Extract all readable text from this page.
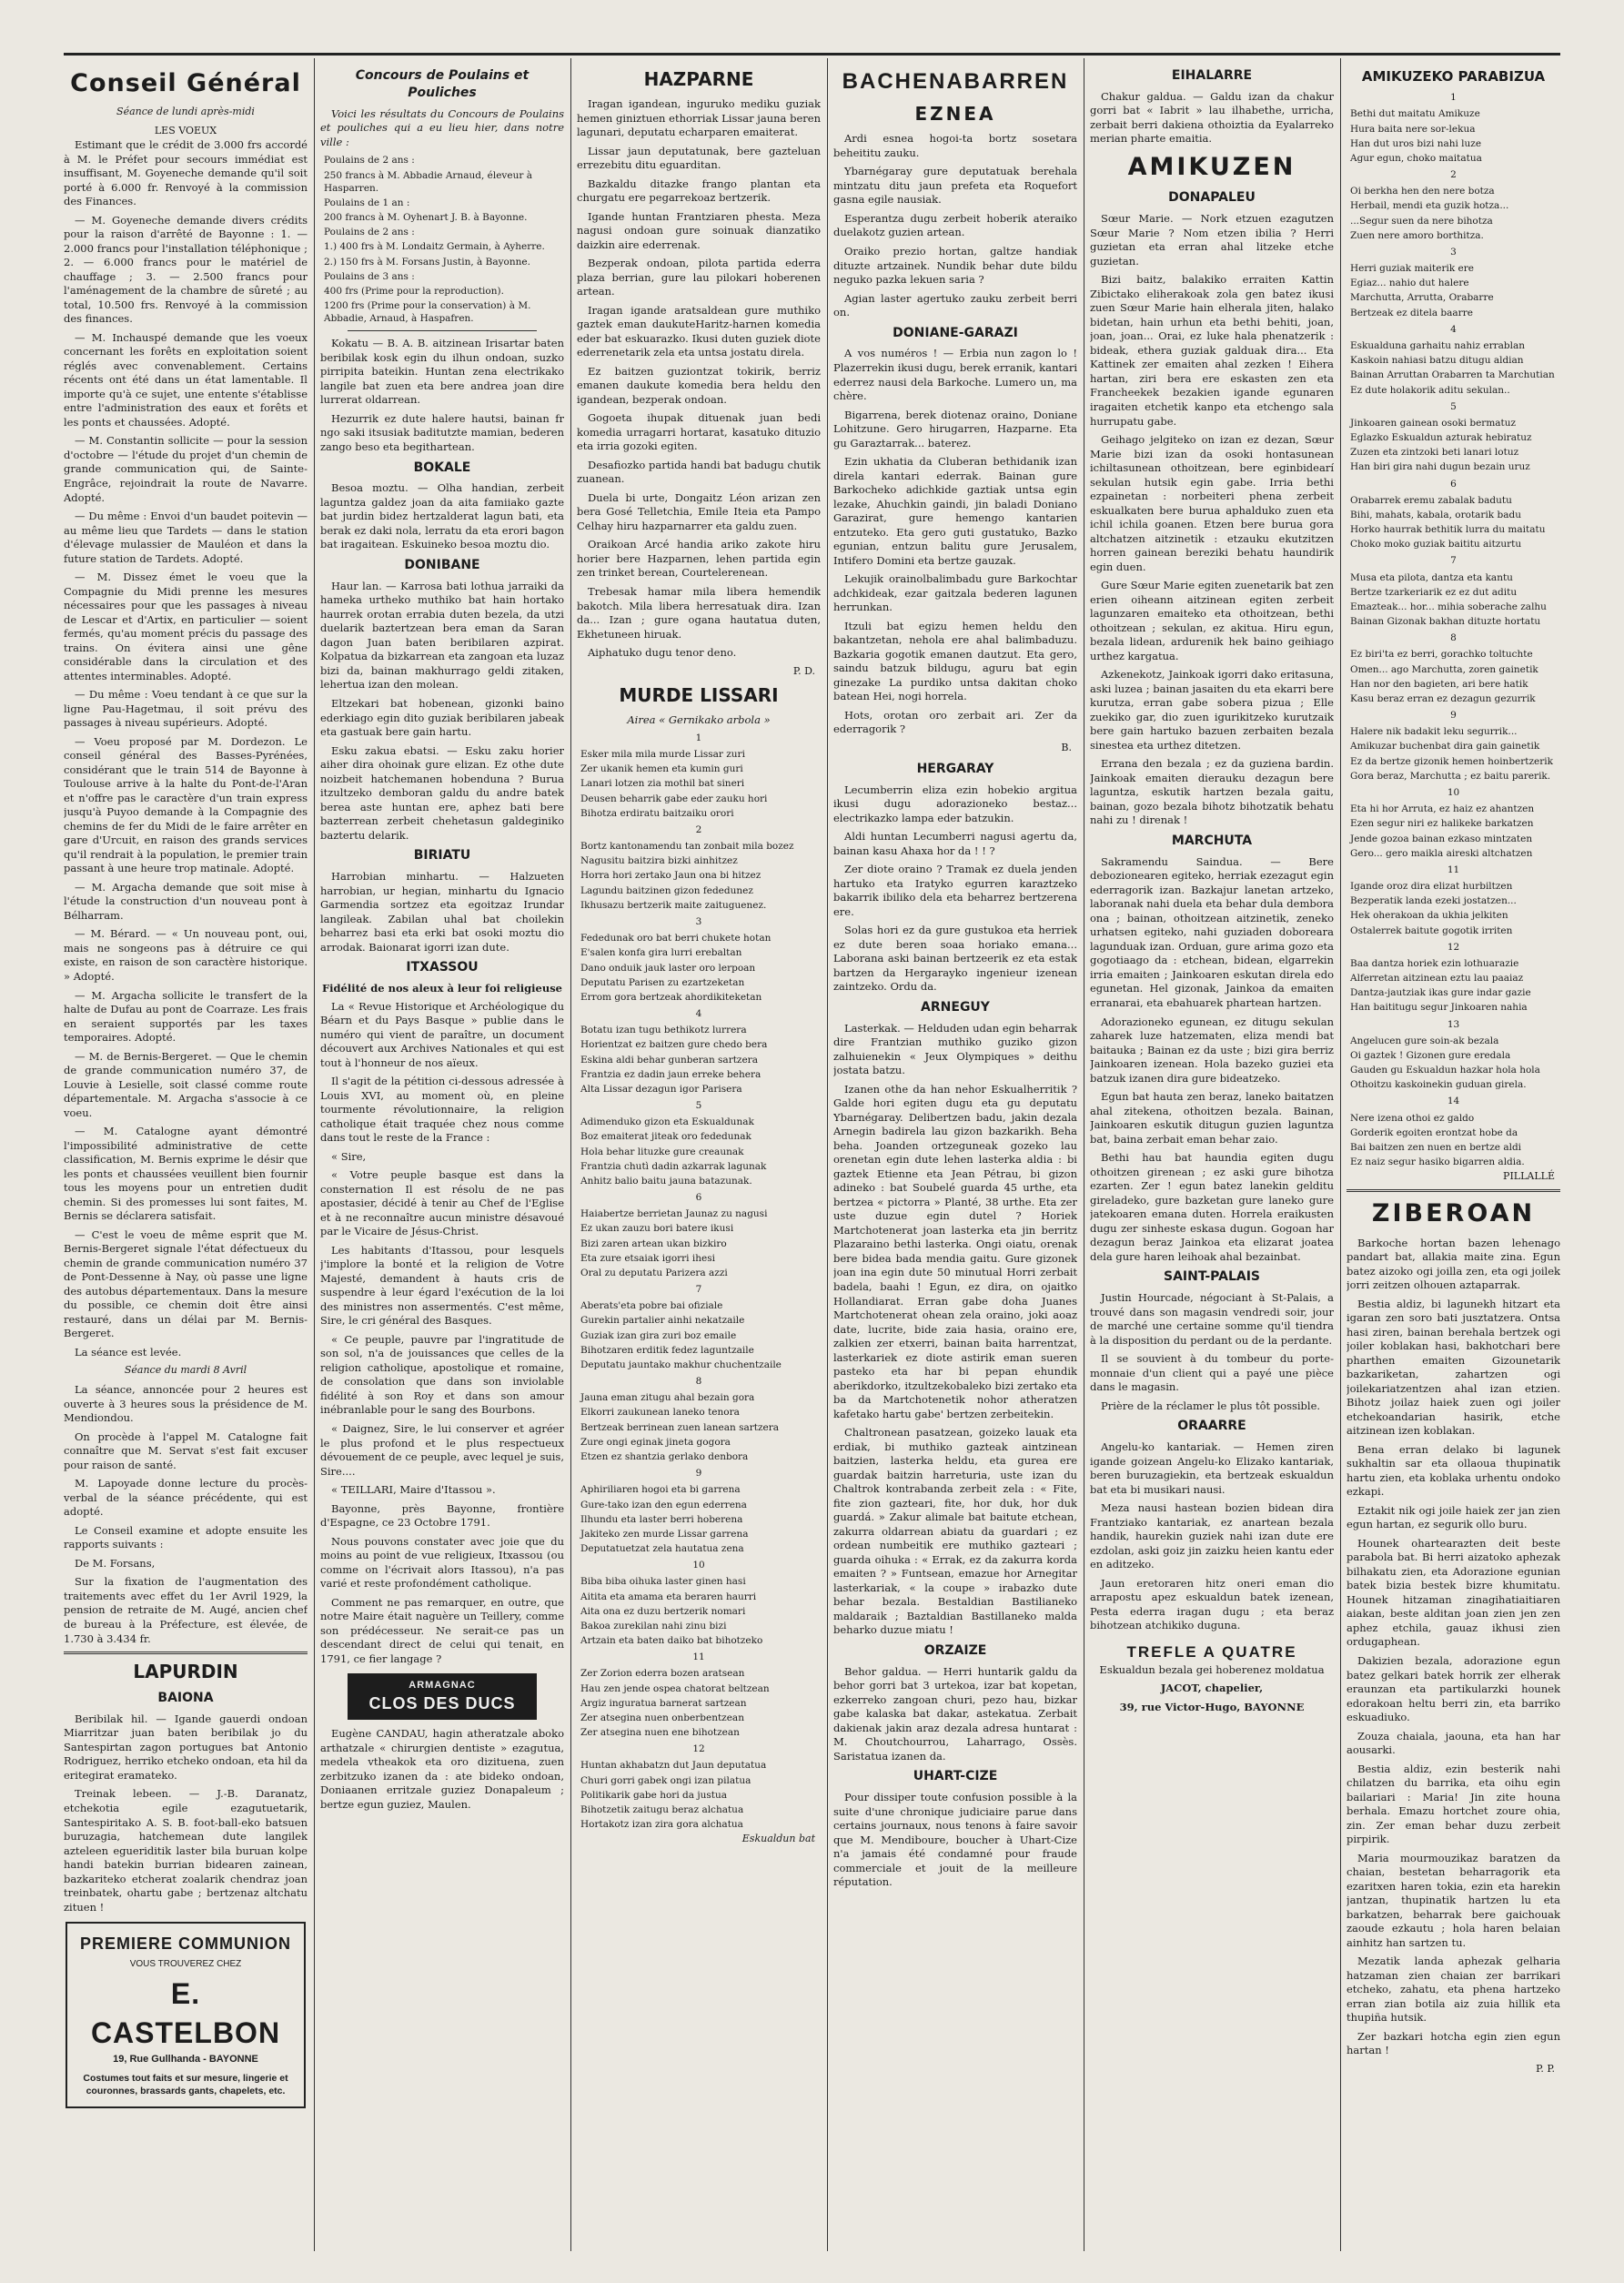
Conseil Général
Séance de lundi après-midi
LES VOEUX

Estimant que le crédit de 3.000 frs accordé à M. le Préfet pour secours immédiat est insuffisant, M. Goyeneche demande qu'il soit porté à 6.000 fr. Renvoyé à la commission des Finances.

— M. Goyeneche demande divers crédits pour la raison d'arrêté de Bayonne : 1. — 2.000 francs pour l'installation téléphonique ; 2. — 6.000 francs pour le matériel de chauffage ; 3. — 2.500 francs pour l'aménagement de la chambre de sûreté ; au total, 10.500 frs. Renvoyé à la commission des finances.

— M. Inchauspé demande que les voeux concernant les forêts en exploitation soient réglés avec convenablement. Certains récents ont été dans un état lamentable. Il importe qu'à ce sujet, une entente s'établisse entre l'administration des eaux et forêts et les ponts et chaussées. Adopté.

— M. Constantin sollicite — pour la session d'octobre — l'étude du projet d'un chemin de grande communication qui, de Sainte-Engrâce, rejoindrait la route de Navarre. Adopté.

— Du même : Envoi d'un baudet poitevin — au même lieu que Tardets — dans le station d'élevage mulassier de Mauléon et dans la future station de Tardets. Adopté.

— M. Dissez émet le voeu que la Compagnie du Midi prenne les mesures nécessaires pour que les passages à niveau de Lescar et d'Artix, en particulier — soient fermés, qu'au moment précis du passage des trains. On évitera ainsi une gêne considérable dans la circulation et des attentes interminables. Adopté.

— Du même : Voeu tendant à ce que sur la ligne Pau-Hagetmau, il soit prévu des passages à niveau supérieurs. Adopté.

— Voeu proposé par M. Dordezon. Le conseil général des Basses-Pyrénées, considérant que le train 514 de Bayonne à Toulouse arrive à la halte du Pont-de-l'Aran et n'offre pas le caractère d'un train express jusqu'à Puyoo demande à la Compagnie des chemins de fer du Midi de le faire arrêter en gare d'Urcuit, en raison des grands services qu'il rendrait à la population, le premier train passant à une heure trop matinale. Adopté.

— M. Argacha demande que soit mise à l'étude la construction d'un nouveau pont à Bélharram.

— M. Bérard. — « Un nouveau pont, oui, mais ne songeons pas à détruire ce qui existe, en raison de son caractère historique. » Adopté.

— M. Argacha sollicite le transfert de la halte de Dufau au pont de Coarraze. Les frais en seraient supportés par les taxes temporaires. Adopté.

— M. de Bernis-Bergeret. — Que le chemin de grande communication numéro 37, de Louvie à Lesielle, soit classé comme route départementale. M. Argacha s'associe à ce voeu.

— M. Catalogne ayant démontré l'impossibilité administrative de cette classification, M. Bernis exprime le désir que les ponts et chaussées veuillent bien fournir tous les moyens pour un entretien dudit chemin. Si des promesses lui sont faites, M. Bernis se déclarera satisfait.

— C'est le voeu de même esprit que M. Bernis-Bergeret signale l'état défectueux du chemin de grande communication numéro 37 de Pont-Dessenne à Nay, où passe une ligne des autobus départementaux. Dans la mesure du possible, ce chemin doit être ainsi restauré, dans un délai par M. Bernis-Bergeret.

La séance est levée.

Séance du mardi 8 Avril

La séance, annoncée pour 2 heures est ouverte à 3 heures sous la présidence de M. Mendiondou.

On procède à l'appel M. Catalogne fait connaître que M. Servat s'est fait excuser pour raison de santé.

M. Lapoyade donne lecture du procès-verbal de la séance précédente, qui est adopté.

Le Conseil examine et adopte ensuite les rapports suivants :

De M. Forsans,

Sur la fixation de l'augmentation des traitements avec effet du 1er Avril 1929, la pension de retraite de M. Augé, ancien chef de bureau à la Préfecture, est élevée, de 1.730 à 3.434 fr.

LAPURDIN
BAIONA

Beribilak hil. — Igande gauerdi ondoan Miarritzar juan baten beribilak jo du Santespirtan zagon portugues bat Antonio Rodriguez, herriko etcheko ondoan, eta hil da eritegirat eramateko.

Treinak lebeen. — J.-B. Daranatz, etchekotia egile ezagutuetarik, Santespiritako A. S. B. foot-ball-eko batsuen buruzagia, hatchemean dute langilek azteleen egueriditik laster bila buruan kolpe handi batekin burrian bidearen zainean, bazkariteko etcherat zoalarik chendraz joan treinbatek, ohartu gabe ; bertzenaz altchatu zituen !

PREMIERE COMMUNION
VOUS TROUVEREZ CHEZ
E. CASTELBON
19, Rue Gullhanda - BAYONNE
Costumes tout faits et sur mesure, lingerie et couronnes, brassards gants, chapelets, etc.
Concours de Poulains et Pouliches

Voici les résultats du Concours de Poulains et pouliches qui a eu lieu hier, dans notre ville :

Poulains de 2 ans :

250 francs à M. Abbadie Arnaud, éleveur à Hasparren.

Poulains de 1 an :

200 francs à M. Oyhenart J. B. à Bayonne.

Poulains de 2 ans :

1.) 400 frs à M. Londaitz Germain, à Ayherre.

2.) 150 frs à M. Forsans Justin, à Bayonne.

Poulains de 3 ans :

400 frs (Prime pour la reproduction).

1200 frs (Prime pour la conservation) à M. Abbadie, Arnaud, à Haspafren.

Kokatu — B. A. B. aitzinean Irisartar baten beribilak kosk egin du ilhun ondoan, suzko pirripita bateikin. Huntan zena electrikako langile bat zuen eta bere andrea joan dire lurrerat oldarrean.

Hezurrik ez dute halere hautsi, bainan fr ngo saki itsusiak baditutzte mamian, bederen zango beso eta begithartean.

BOKALE

Besoa moztu. — Olha handian, zerbeit laguntza galdez joan da aita famiiako gazte bat jurdin bidez hertzalderat lagun bati, eta berak ez daki nola, lerratu da eta erori bagon bat iragaitean. Eskuineko besoa moztu dio.

DONIBANE

Haur lan. — Karrosa bati lothua jarraiki da hameka urtheko muthiko bat hain hortako haurrek orotan errabia duten bezela, da utzi duelarik baztertzean bera eman da Saran dagon Juan baten beribilaren azpirat. Kolpatua da bizkarrean eta zangoan eta luzaz bizi da, bainan makhurrago geldi zitaken, lehertua izan den molean.

Eltzekari bat hobenean, gizonki baino ederkiago egin dito guziak beribilaren jabeak eta gastuak bere gain hartu.

Esku zakua ebatsi. — Esku zaku horier aiher dira ohoinak gure elizan. Ez othe dute noizbeit hatchemanen hobenduna ? Burua itzultzeko demboran galdu du andre batek berea aste huntan ere, aphez bati bere bazterrean zerbeit chehetasun galdeginiko baztertu delarik.

BIRIATU

Harrobian minhartu. — Halzueten harrobian, ur hegian, minhartu du Ignacio Garmendia sortzez eta egoitzaz Irundar langileak. Zabilan uhal bat choilekin beharrez basi eta erki bat osoki moztu dio arrodak. Baionarat igorri izan dute.

ITXASSOU
Fidélité de nos aleux à leur foi religieuse

La « Revue Historique et Archéologique du Béarn et du Pays Basque » publie dans le numéro qui vient de paraître, un document découvert aux Archives Nationales et qui est tout à l'honneur de nos aïeux.

Il s'agit de la pétition ci-dessous adressée à Louis XVI, au moment où, en pleine tourmente révolutionnaire, la religion catholique était traquée chez nous comme dans tout le reste de la France :

« Sire,

« Votre peuple basque est dans la consternation Il est résolu de ne pas apostasier, décidé à tenir au Chef de l'Eglise et à ne reconnaître aucun ministre désavoué par le Vicaire de Jésus-Christ.

Les habitants d'Itassou, pour lesquels j'implore la bonté et la religion de Votre Majesté, demandent à hauts cris de suspendre à leur égard l'exécution de la loi des ministres non assermentés. C'est même, Sire, le cri général des Basques.

« Ce peuple, pauvre par l'ingratitude de son sol, n'a de jouissances que celles de la religion catholique, apostolique et romaine, de consolation que dans son inviolable fidélité à son Roy et dans son amour inébranlable pour le sang des Bourbons.

« Daignez, Sire, le lui conserver et agréer le plus profond et le plus respectueux dévouement de ce peuple, avec lequel je suis, Sire....

« TEILLARI, Maire d'Itassou ».

Bayonne, près Bayonne, frontière d'Espagne, ce 23 Octobre 1791.

Nous pouvons constater avec joie que du moins au point de vue religieux, Itxassou (ou comme on l'écrivait alors Itassou), n'a pas varié et reste profondément catholique.

Comment ne pas remarquer, en outre, que notre Maire était naguère un Teillery, comme son prédécesseur. Ne serait-ce pas un descendant direct de celui qui tenait, en 1791, ce fier langage ?

ARMAGNAC
CLOS DES DUCS

Eugène CANDAU, hagin atheratzale aboko arthatzale « chirurgien dentiste » ezagutua, medela vtheakok eta oro dizituena, zuen zerbitzuko izanen da : ate bideko ondoan, Doniaanen erritzale guziez Donapaleum ; bertze egun guziez, Maulen.

HAZPARNE

Iragan igandean, inguruko mediku guziak hemen giniztuen ethorriak Lissar jauna beren lagunari, deputatu echarparen emaiterat.

Lissar jaun deputatunak, bere gazteluan errezebitu ditu eguarditan.

Bazkaldu ditazke frango plantan eta churgatu ere pegarrekoaz bertzerik.

Igande huntan Frantziaren phesta. Meza nagusi ondoan gure soinuak dianzatiko daizkin aire ederrenak.

Bezperak ondoan, pilota partida ederra plaza berrian, gure lau pilokari hoberenen artean.

Iragan igande aratsaldean gure muthiko gaztek eman daukuteHaritz-harnen komedia eder bat eskuarazko. Ikusi duten guziek diote ederrenetarik zela eta untsa jostatu direla.

Ez baitzen guziontzat tokirik, berriz emanen daukute komedia bera heldu den igandean, bezperak ondoan.

Gogoeta ihupak dituenak juan bedi komedia urragarri hortarat, kasatuko dituzio eta irria gozoki egiten.

Desafiozko partida handi bat badugu chutik zuanean.

Duela bi urte, Dongaitz Léon arizan zen bera Gosé Telletchia, Emile Iteia eta Pampo Celhay hiru hazparnarrer eta galdu zuen.

Oraikoan Arcé handia ariko zakote hiru horier bere Hazparnen, lehen partida egin zen trinket berean, Courtelerenean.

Trebesak hamar mila libera hemendik bakotch. Mila libera herresatuak dira. Izan da... Izan ; gure ogana hautatua duten, Ekhetuneen hiruak.

Aiphatuko dugu tenor deno.

P. D.
MURDE LISSARI
Airea « Gernikako arbola »
1

Esker mila mila murde Lissar zuri

Zer ukanik hemen eta kumin guri

Lanari lotzen zia mothil bat sineri

Deusen beharrik gabe eder zauku hori

Bihotza erdiratu baitzaiku orori

2

Bortz kantonamendu tan zonbait mila bozez

Nagusitu baitzira bizki ainhitzez

Horra hori zertako Jaun ona bi hitzez

Lagundu baitzinen gizon fededunez

Ikhusazu bertzerik maite zaituguenez.

3

Fededunak oro bat berri chukete hotan

E'salen konfa gira lurri erebaltan

Dano onduik jauk laster oro lerpoan

Deputatu Parisen zu ezartzeketan

Errom gora bertzeak ahordikiteketan

4

Botatu izan tugu bethikotz lurrera

Horientzat ez baitzen gure chedo bera

Eskina aldi behar gunberan sartzera

Frantzia ez dadin jaun erreke behera

Alta Lissar dezagun igor Parisera

5

Adimenduko gizon eta Eskualdunak

Boz emaiterat jiteak oro fededunak

Hola behar lituzke gure creaunak

Frantzia chutì dadin azkarrak lagunak

Anhitz balio baitu jauna batazunak.

6

Haiabertze berrietan Jaunaz zu nagusi

Ez ukan zauzu bori batere ikusi

Bizi zaren artean ukan bizkiro

Eta zure etsaiak igorri ihesi

Oral zu deputatu Parizera azzi

7

Aberats'eta pobre bai ofiziale

Gurekin partalier ainhi nekatzaile

Guziak izan gira zuri boz emaile

Bihotzaren erditik fedez laguntzaile

Deputatu jauntako makhur chuchentzaile

8

Jauna eman zitugu ahal bezain gora

Elkorri zaukunean laneko tenora

Bertzeak berrinean zuen lanean sartzera

Zure ongi eginak jineta gogora

Etzen ez shantzia gerlako denbora

9

Aphiriliaren hogoi eta bi garrena

Gure-tako izan den egun ederrena

Ilhundu eta laster berri hoberena

Jakiteko zen murde Lissar garrena

Deputatuetzat zela hautatua zena

10

Biba biba oihuka laster ginen hasi

Aitita eta amama eta beraren haurri

Aita ona ez duzu bertzerik nomari

Bakoa zurekilan nahi zinu bizi

Artzain eta baten daiko bat bihotzeko

11

Zer Zorion ederra bozen aratsean

Hau zen jende ospea chatorat beltzean

Argiz inguratua barnerat sartzean

Zer atsegina nuen onberbentzean

Zer atsegina nuen ene bihotzean

12

Huntan akhabatzn dut Jaun deputatua

Churi gorri gabek ongi izan pilatua

Politikarik gabe hori da justua

Bihotzetik zaitugu beraz alchatua

Hortakotz izan zira gora alchatua

Eskualdun bat
BACHENABARREN
EZNEA

Ardi esnea hogoi-ta bortz sosetara beheititu zauku.

Ybarnégaray gure deputatuak berehala mintzatu ditu jaun prefeta eta Roquefort gasna egile nausiak.

Esperantza dugu zerbeit hoberik ateraiko duelakotz guzien artean.

Oraiko prezio hortan, galtze handiak dituzte artzainek. Nundik behar dute bildu neguko pazka lekuen saria ?

Agian laster agertuko zauku zerbeit berri on.

DONIANE-GARAZI

A vos numéros ! — Erbia nun zagon lo ! Plazerrekin ikusi dugu, berek erranik, kantari ederrez nausi dela Barkoche. Lumero un, ma chère.

Bigarrena, berek diotenaz oraino, Doniane Lohitzune. Gero hirugarren, Hazparne. Eta gu Garaztarrak... baterez.

Ezin ukhatia da Cluberan bethidanik izan direla kantari ederrak. Bainan gure Barkocheko adichkide gaztiak untsa egin lezake, Ahuchkin gaindi, jin baladi Doniano Garazirat, gure hemengo kantarien entzuteko. Eta gero guti gustatuko, Bazko egunian, entzun balitu gure Jerusalem, Intifero Domini eta bertze gauzak.

Lekujik orainolbalimbadu gure Barkochtar adchkideak, ezar gaitzala bederen lagunen herrunkan.

Itzuli bat egizu hemen heldu den bakantzetan, nehola ere ahal balimbaduzu. Bazkaria gogotik emanen dautzut. Eta gero, saindu batzuk bildugu, aguru bat egin ginezake La purdiko untsa dakitan choko batean Hei, nogi horrela.

Hots, orotan oro zerbait ari. Zer da ederragorik ?

B.
HERGARAY

Lecumberrin eliza ezin hobekio argitua ikusi dugu adorazioneko bestaz... electrikazko lampa eder batzukin.

Aldi huntan Lecumberri nagusi agertu da, bainan kasu Ahaxa hor da ! ! ?

Zer diote oraino ? Tramak ez duela jenden hartuko eta Iratyko egurren karaztzeko bakarrik ibiliko dela eta beharrez bertzerena ere.

Solas hori ez da gure gustukoa eta herriek ez dute beren soaa horiako emana... Laborana aski bainan bertzeerik ez eta estak bartzen da Hergarayko ingenieur izenean zaintzeko. Ordu da.

ARNEGUY

Lasterkak. — Helduden udan egin beharrak dire Frantzian muthiko guziko gizon zalhuienekin « Jeux Olympiques » deithu jostata batzu.

Izanen othe da han nehor Eskualherritik ? Galde hori egiten dugu eta gu deputatu Ybarnégaray. Delibertzen badu, jakin dezala Arnegin badirela lau gizon bazkarikh. Beha beha. Joanden ortzeguneak gozeko lau orenetan egin dute lehen lasterka aldia : bi gaztek Etienne eta Jean Pétrau, bi gizon adineko : bat Soubelé guarda 45 urthe, eta bertzea « pictorra » Planté, 38 urthe. Eta zer uste duzue egin dutel ? Horiek Martchotenerat joan lasterka eta jin berritz Plazaraino bethi lasterka. Ongi oiatu, orenak bere bidea bada mendia gaitu. Gure gizonek joan ina egin dute 50 minutual Horri zerbait badela, baahi ! Egun, ez dira, on ojaitko Hollandiarat. Erran gabe doha Juanes Martchotenerat ohean zela oraino, joki aoaz date, lucrite, bide zaia hasia, oraino ere, zalkien zer etxerri, bainan baita harrentzat, lasterkariek ez diote astirik eman sueren pasteko eta har bi pepan ehundik aberikdorko, itzultzekobaleko bizi zertako eta ba da Martchotenetik nohor atheratzen kafetako hartu gabe' bertzen zerbeitekin.

Chaltronean pasatzean, goizeko lauak eta erdiak, bi muthiko gazteak aintzinean baitzien, lasterka heldu, eta gurea ere guardak baitzin harreturia, uste izan du Chaltrok kontrabanda zerbeit zela : « Fite, fite zion gazteari, fite, hor duk, hor duk guardá. » Zakur alimale bat baitute etchean, zakurra oldarrean abiatu da guardari ; ez ordean numbeitik ere muthiko gazteari ; guarda oihuka : « Errak, ez da zakurra korda emaiten ? » Funtsean, emazue hor Arnegitar lasterkariak, « la coupe » irabazko dute behar bezala. Bestaldian Bastilianeko maldaraik ; Baztaldian Bastillaneko malda beharko duzue miatu !

ORZAIZE

Behor galdua. — Herri huntarik galdu da behor gorri bat 3 urtekoa, izar bat kopetan, ezkerreko zangoan churi, pezo hau, bizkar gabe kalaska bat dakar, astekatua. Zerbait dakienak jakin araz dezala adresa huntarat : M. Choutchourrou, Laharrago, Ossès. Saristatua izanen da.

UHART-CIZE

Pour dissiper toute confusion possible à la suite d'une chronique judiciaire parue dans certains journaux, nous tenons à faire savoir que M. Mendiboure, boucher à Uhart-Cize n'a jamais été condamné pour fraude commerciale et jouit de la meilleure réputation.

EIHALARRE

Chakur galdua. — Galdu izan da chakur gorri bat « Iabrit » lau ilhabethe, urricha, zerbait berri dakiena othoiztia da Eyalarreko merian pharte emaitia.

AMIKUZEN
DONAPALEU

Sœur Marie. — Nork etzuen ezagutzen Sœur Marie ? Nom etzen ibilia ? Herri guzietan eta erran ahal litzeke etche guzietan.

Bizi baitz, balakiko erraiten Kattin Zibictako eliherakoak zola gen batez ikusi zuen Sœur Marie hain elherala jiten, halako bidetan, hain urhun eta bethi behiti, joan, joan, joan... Orai, ez luke hala phenatzerik : bideak, ethera guziak galduak dira... Eta Kattinek zer emaiten ahal zezken ! Eihera hartan, ziri bera ere eskasten zen eta Francheekek bezakien igande egunaren iragaiten etchetik kanpo eta etchengo sala hurrupatu gabe.

Geihago jelgiteko on izan ez dezan, Sœur Marie bizi izan da osoki hontasunean ichiltasunean othoitzean, bere eginbidearí sekulan hutsik egin gabe. Irria bethi ezpainetan : norbeiteri phena zerbeit eskualkaten bere burua aphalduko zuen eta ichil ichila goanen. Etzen bere burua gora altchatzen aitzinetik : etzauku ekutzitzen horren gainean bereziki behatu haundirik egin duen.

Gure Sœur Marie egiten zuenetarik bat zen erien oiheann aitzinean egiten zerbeit lagunzaren emaiteko eta othoitzean, bethi othoitzean ; sekulan, ez akitua. Hiru egun, bezala lidean, ardurenik hek baino geihiago urthez kargatua.

Azkenekotz, Jainkoak igorri dako eritasuna, aski luzea ; bainan jasaiten du eta ekarri bere kurutza, erran gabe sobera pizua ; Elle zuekiko gar, dio zuen igurikitzeko kurutzaik bere gain hartuko bazuen zerbaiten bezala sinestea eta urthez ditetzen.

Errana den bezala ; ez da guziena bardin. Jainkoak emaiten dierauku dezagun bere laguntza, eskutik hartzen bezala gaitu, bainan, gozo bezala bihotz bihotzatik behatu nahi zu ! direnak !

MARCHUTA

Sakramendu Saindua. — Bere debozionearen egiteko, herriak ezezagut egin ederragorik izan. Bazkajur lanetan artzeko, laboranak nahi duela eta behar dula dembora ona ; bainan, othoitzean aitzinetik, zeneko urhatsen egiteko, nahi guziaden doboreara lagunduak izan. Orduan, gure arima gozo eta gogotiaago da : etchean, bidean, elgarrekin irria emaiten ; Jainkoaren eskutan direla edo egunetan. Hel gizonak, Jainkoa da emaiten erranarai, eta ebahuarek phartean hartzen.

Adorazioneko egunean, ez ditugu sekulan zaharek luze hatzematen, eliza mendi bat baitauka ; Bainan ez da uste ; bizi gira berriz Jainkoaren izenean. Hola bazeko guziei eta batzuk izanen dira gure bideatzeko.

Egun bat hauta zen beraz, laneko baitatzen ahal zitekena, othoitzen bezala. Bainan, Jainkoaren eskutik ditugun guzien laguntza bat, baina zerbait eman behar zaio.

Bethi hau bat haundia egiten dugu othoitzen girenean ; ez aski gure bihotza ezarten. Zer ! egun batez lanekin gelditu gireladeko, gure bazketan gure laneko gure jatekoaren emana duten. Horrela eraikusten dugu zer sinheste eskasa dugun. Gogoan har dezagun beraz Jainkoa eta elizarat joatea dela gure haren leihoak ahal bezainbat.

SAINT-PALAIS

Justin Hourcade, négociant à St-Palais, a trouvé dans son magasin vendredi soir, jour de marché une certaine somme qu'il tiendra à la disposition du perdant ou de la perdante.

Il se souvient à du tombeur du porte-monnaie d'un client qui a payé une pièce dans le magasin.

Prière de la réclamer le plus tôt possible.

ORAARRE

Angelu-ko kantariak. — Hemen ziren igande goizean Angelu-ko Elizako kantariak, beren buruzagiekin, eta bertzeak eskualdun bat eta bi musikari nausi.

Meza nausi hastean bozien bidean dira Frantziako kantariak, ez anartean bezala handik, haurekin guziek nahi izan dute ere ezdolan, aski goiz jin zaizku heien kantu eder en aditzeko.

Jaun eretoraren hitz oneri eman dio arrapostu apez eskualdun batek izenean, Pesta ederra iragan dugu ; eta beraz bihotzean atchikiko duguna.

TREFLE A QUATRE

Eskualdun bezala gei hoberenez moldatua

JACOT, chapelier,

39, rue Victor-Hugo, BAYONNE

AMIKUZEKO PARABIZUA
1

Bethi dut maitatu Amikuze

Hura baita nere sor-lekua

Han dut uros bizi nahi luze

Agur egun, choko maitatua

2

Oi berkha hen den nere botza

Herbail, mendi eta guzik hotza...

...Segur suen da nere bihotza

Zuen nere amoro borthitza.

3

Herri guziak maiterik ere

Egiaz... nahio dut halere

Marchutta, Arrutta, Orabarre

Bertzeak ez ditela baarre

4

Eskualduna garhaitu nahiz errablan

Kaskoin nahiasi batzu ditugu aldian

Bainan Arruttan Orabarren ta Marchutian

Ez dute holakorik aditu sekulan..

5

Jinkoaren gainean osoki bermatuz

Eglazko Eskualdun azturak hebiratuz

Zuzen eta zintzoki beti lanari lotuz

Han biri gira nahi dugun bezain uruz

6

Orabarrek eremu zabalak badutu

Bihi, mahats, kabala, orotarik badu

Horko haurrak bethitik lurra du maitatu

Choko moko guziak baititu aitzurtu

7

Musa eta pilota, dantza eta kantu

Bertze tzarkeriarik ez ez dut aditu

Emazteak... hor... mihia soberache zalhu

Bainan Gizonak bakhan dituzte hortatu

8

Ez biri'ta ez berri, gorachko toltuchte

Omen... ago Marchutta, zoren gainetik

Han nor den bagieten, ari bere hatik

Kasu beraz erran ez dezagun gezurrik

9

Halere nik badakit leku segurrik...

Amikuzar buchenbat dira gain gainetik

Ez da bertze gizonik hemen hoinbertzerik

Gora beraz, Marchutta ; ez baitu parerik.

10

Eta hi hor Arruta, ez haiz ez ahantzen

Ezen segur niri ez halikeke barkatzen

Jende gozoa bainan ezkaso mintzaten

Gero... gero maikla aireski altchatzen

11

Igande oroz dira elizat hurbiltzen

Bezperatik landa ezeki jostatzen...

Hek oherakoan da ukhia jelkiten

Ostalerrek baitute gogotik irriten

12

Baa dantza horiek ezin lothuarazie

Alferretan aitzinean eztu lau paaiaz

Dantza-jautziak ikas gure indar gazie

Han baititugu segur Jinkoaren nahia

13

Angelucen gure soin-ak bezala

Oi gaztek ! Gizonen gure eredala

Gauden gu Eskualdun hazkar hola hola

Othoitzu kaskoinekin guduan girela.

14

Nere izena othoi ez galdo

Gorderik egoiten erontzat hobe da

Bai baitzen zen nuen en bertze aldi

Ez naiz segur hasiko bigarren aldia.

PILLALLÉ
ZIBEROAN

Barkoche hortan bazen lehenago pandart bat, allakia maite zina. Egun batez aizoko ogi joilla zen, eta ogi joilek jorri zeitzen olhouen aztaparrak.

Bestia aldiz, bi lagunekh hitzart eta igaran zen soro bati jusztatzera. Ontsa hasi ziren, bainan berehala bertzek ogi joiler koblakan hasi, bakhotchari bere pharthen emaiten Gizounetarik bazkariketan, zahartzen ogi joilekariatzentzen ahal izan etzien. Bihotz joilaz haiek zuen ogi joiler etchekoandarian hasirik, etche aitzinean izen koblakan.

Bena erran delako bi lagunek sukhaltin sar eta ollaoua thupinatik hartu zien, eta koblaka urhentu ondoko ezkapi.

Eztakit nik ogi joile haiek zer jan zien egun hartan, ez segurik ollo buru.

Hounek ohartearazten deit beste parabola bat. Bi herri aizatoko aphezak bilhakatu zien, eta Adorazione egunian batek bizia bestek bizre khumitatu. Hounek hitzaman zinagihatiaitiaren aiakan, beste alditan joan zien jen zen aphez etchila, gauaz ikhusi zien ordugaphean.

Dakizien bezala, adorazione egun batez gelkari batek horrik zer elherak eraunzan eta partikularzki hounek edorakoan heltu berri zin, eta barriko eskuadiuko.

Zouza chaiala, jaouna, eta han har aousarki.

Bestia aldiz, ezin besterik nahi chilatzen du barrika, eta oihu egin bailariari : Maria! Jin zite houna berhala. Emazu hortchet zoure ohia, zin. Zer eman behar duzu zerbeit pirpirik.

Maria mourmouzikaz baratzen da chaian, bestetan beharragorik eta ezaritxen haren tokia, ezin eta harekin jantzan, thupinatik hartzen lu eta barkatzen, beharrak bere gaichouak zaoude ezkautu ; hola haren belaian ainhitz han sartzen tu.

Mezatik landa aphezak gelharia hatzaman zien chaian zer barrikari etcheko, zahatu, eta phena hartzeko erran zian botila aiz zuia hillik eta thupiña hutsik.

Zer bazkari hotcha egin zien egun hartan !

P. P.
